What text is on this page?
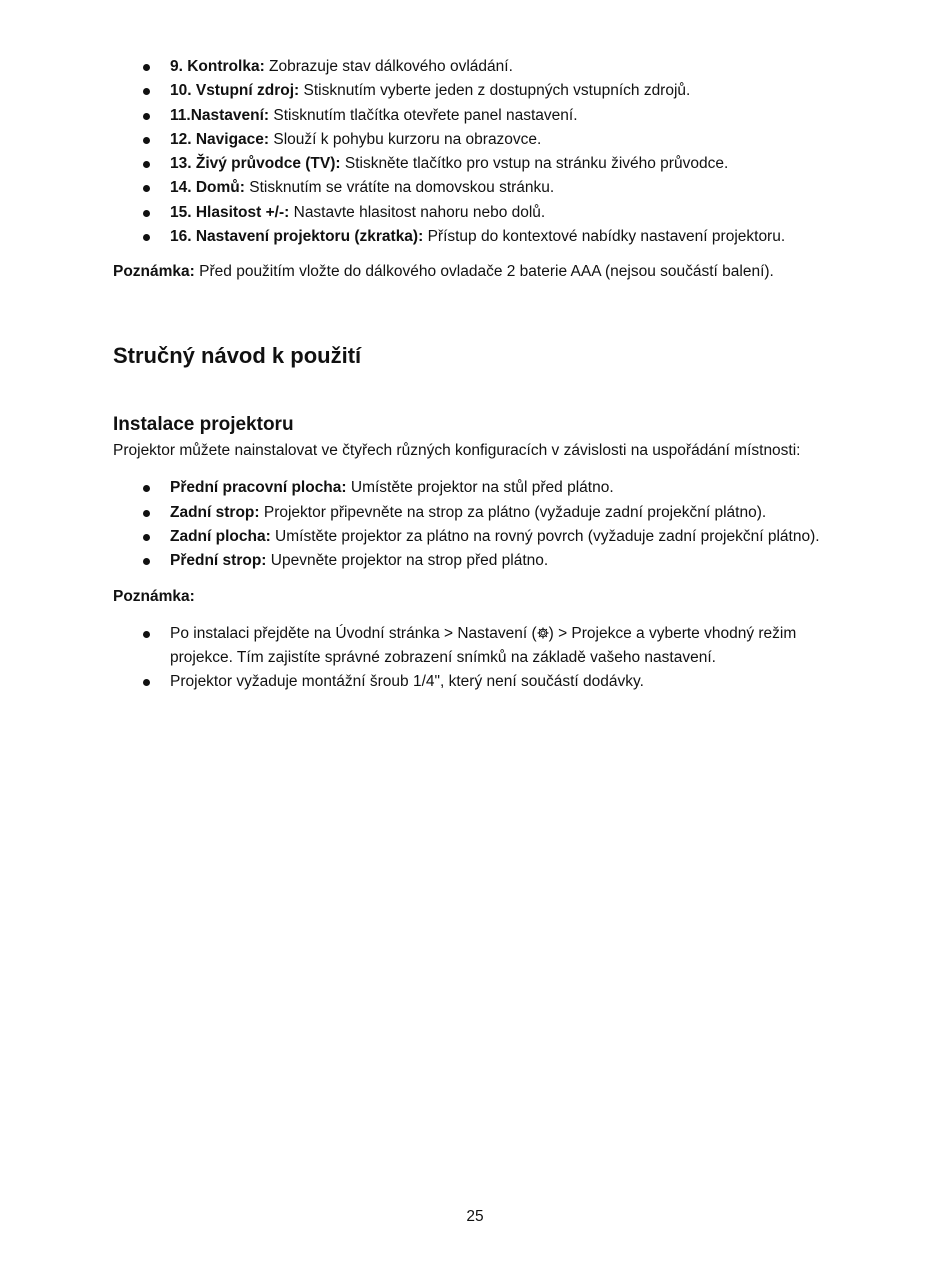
9. Kontrolka: Zobrazuje stav dálkového ovládání.
10. Vstupní zdroj: Stisknutím vyberte jeden z dostupných vstupních zdrojů.
11.Nastavení: Stisknutím tlačítka otevřete panel nastavení.
12. Navigace: Slouží k pohybu kurzoru na obrazovce.
13. Živý průvodce (TV): Stiskněte tlačítko pro vstup na stránku živého průvodce.
14. Domů: Stisknutím se vrátíte na domovskou stránku.
15. Hlasitost +/-: Nastavte hlasitost nahoru nebo dolů.
16. Nastavení projektoru (zkratka): Přístup do kontextové nabídky nastavení projektoru.

Poznámka: Před použitím vložte do dálkového ovladače 2 baterie AAA (nejsou součástí balení).

Stručný návod k použití
Instalace projektoru

Projektor můžete nainstalovat ve čtyřech různých konfiguracích v závislosti na uspořádání místnosti:

Přední pracovní plocha: Umístěte projektor na stůl před plátno.
Zadní strop: Projektor připevněte na strop za plátno (vyžaduje zadní projekční plátno).
Zadní plocha: Umístěte projektor za plátno na rovný povrch (vyžaduje zadní projekční plátno).
Přední strop: Upevněte projektor na strop před plátno.

Poznámka:

Po instalaci přejděte na Úvodní stránka > Nastavení ( ) > Projekce a vyberte vhodný režim projekce. Tím zajistíte správné zobrazení snímků na základě vašeho nastavení.
Projektor vyžaduje montážní šroub 1/4", který není součástí dodávky.
25
